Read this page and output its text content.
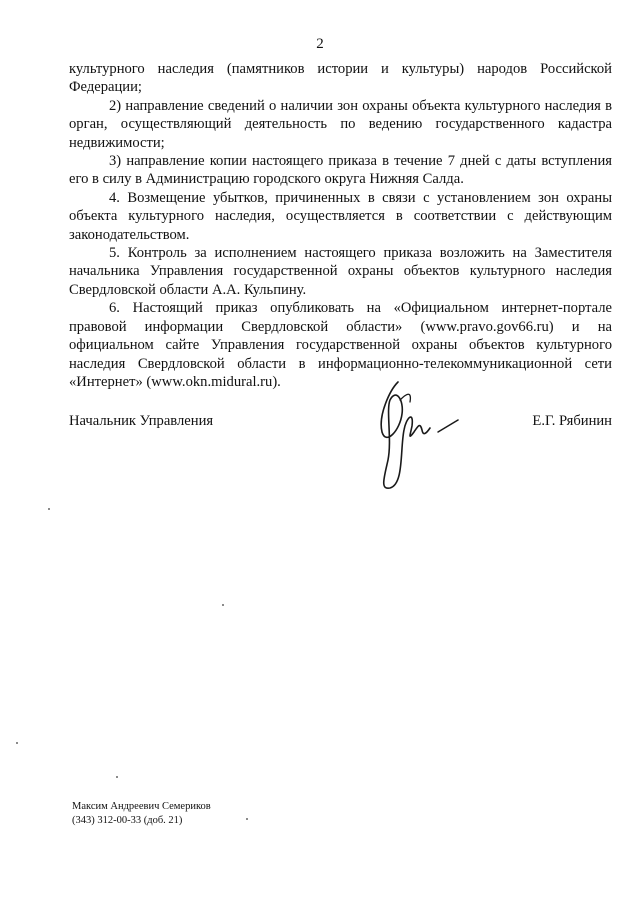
2

культурного наследия (памятников истории и культуры) народов Российской Федерации;

2) направление сведений о наличии зон охраны объекта культурного наследия в орган, осуществляющий деятельность по ведению государственного кадастра недвижимости;

3) направление копии настоящего приказа в течение 7 дней с даты вступления его в силу в Администрацию городского округа Нижняя Салда.

4. Возмещение убытков, причиненных в связи с установлением зон охраны объекта культурного наследия, осуществляется в соответствии с действующим законодательством.

5. Контроль за исполнением настоящего приказа возложить на Заместителя начальника Управления государственной охраны объектов культурного наследия Свердловской области А.А. Кульпину.

6. Настоящий приказ опубликовать на «Официальном интернет-портале правовой информации Свердловской области» (www.pravo.gov66.ru) и на официальном сайте Управления государственной охраны объектов культурного наследия Свердловской области в информационно-телекоммуникационной сети «Интернет» (www.okn.midural.ru).

Начальник Управления	Е.Г. Рябинин
Максим Андреевич Семериков
(343) 312-00-33 (доб. 21)
